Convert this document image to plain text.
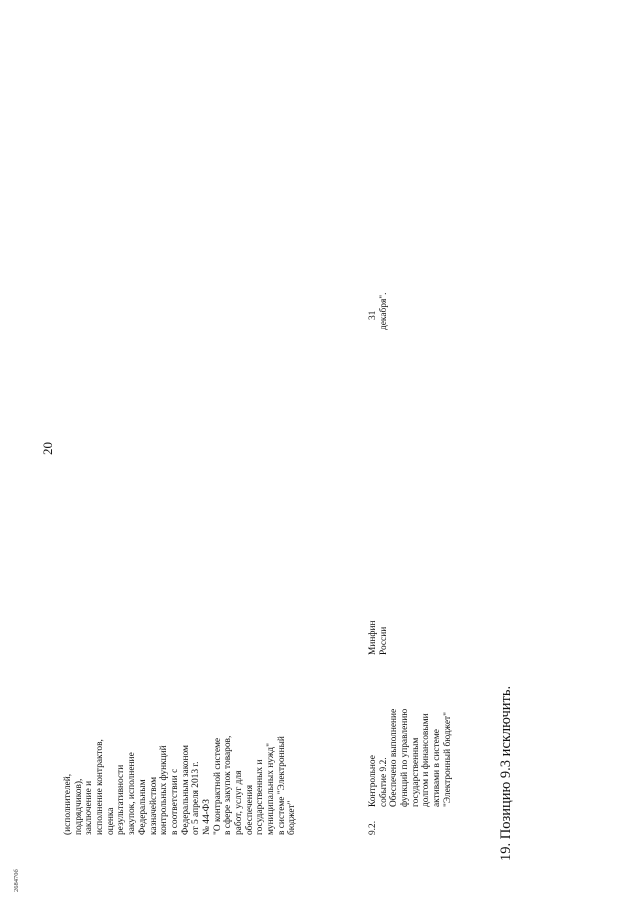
20
268470б
(исполнителей, подрядчиков), заключение и исполнение контрактов, оценка результативности закупок, исполнение Федеральным казначейством контрольных функций в соответствии с Федеральным законом от 5 апреля 2013 г. № 44-ФЗ "О контрактной системе в сфере закупок товаров, работ, услуг для обеспечения государственных и муниципальных нужд" в системе "Электронный бюджет"	9.2.
Контрольное событие 9.2. Обеспечено выполнение функций по управлению государственным долгом и финансовыми активами в системе "Электронный бюджет"
Минфин России
31 декабря".
19. Позицию 9.3 исключить.
